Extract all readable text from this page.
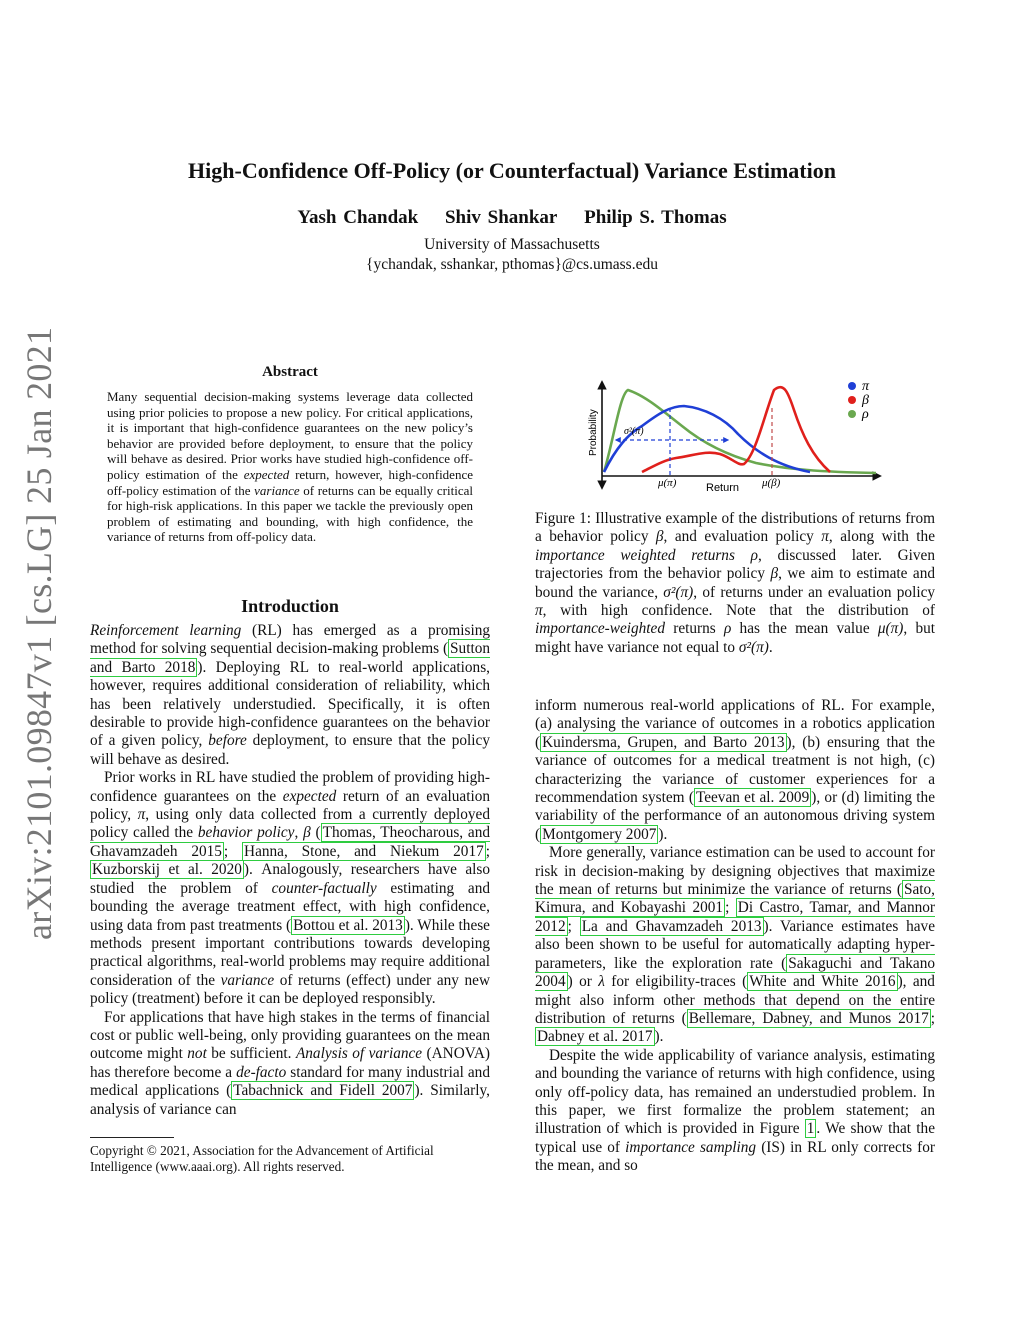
arXiv:2101.09847v1 [cs.LG] 25 Jan 2021
High-Confidence Off-Policy (or Counterfactual) Variance Estimation
Yash Chandak Shiv Shankar Philip S. Thomas
University of Massachusetts
{ychandak, sshankar, pthomas}@cs.umass.edu
Abstract
Many sequential decision-making systems leverage data collected using prior policies to propose a new policy. For critical applications, it is important that high-confidence guarantees on the new policy’s behavior are provided before deployment, to ensure that the policy will behave as desired. Prior works have studied high-confidence off-policy estimation of the expected return, however, high-confidence off-policy estimation of the variance of returns can be equally critical for high-risk applications. In this paper we tackle the previously open problem of estimating and bounding, with high confidence, the variance of returns from off-policy data.
Introduction

Reinforcement learning (RL) has emerged as a promising method for solving sequential decision-making problems ( Sutton and Barto 2018 ). Deploying RL to real-world applications, however, requires additional consideration of reliability, which has been relatively understudied. Specifically, it is often desirable to provide high-confidence guarantees on the behavior of a given policy, before deployment, to ensure that the policy will behave as desired.

Prior works in RL have studied the problem of providing high-confidence guarantees on the expected return of an evaluation policy, π, using only data collected from a currently deployed policy called the behavior policy, β ( Thomas, Theocharous, and Ghavamzadeh 2015 ; Hanna, Stone, and Niekum 2017 ; Kuzborskij et al. 2020 ). Analogously, researchers have also studied the problem of counter-factually estimating and bounding the average treatment effect, with high confidence, using data from past treatments ( Bottou et al. 2013 ). While these methods present important contributions towards developing practical algorithms, real-world problems may require additional consideration of the variance of returns (effect) under any new policy (treatment) before it can be deployed responsibly.

For applications that have high stakes in the terms of financial cost or public well-being, only providing guarantees on the mean outcome might not be sufficient. Analysis of variance (ANOVA) has therefore become a de-facto standard for many industrial and medical applications ( Tabachnick and Fidell 2007 ). Similarly, analysis of variance can

Copyright © 2021, Association for the Advancement of Artificial Intelligence (www.aaai.org). All rights reserved.
Probability
Return
σ²(π)
μ(π)	μ(β)
π
β
ρ
Figure 1: Illustrative example of the distributions of returns from a behavior policy β, and evaluation policy π, along with the importance weighted returns ρ, discussed later. Given trajectories from the behavior policy β, we aim to estimate and bound the variance, σ²(π), of returns under an evaluation policy π, with high confidence. Note that the distribution of importance-weighted returns ρ has the mean value μ(π), but might have variance not equal to σ²(π).

inform numerous real-world applications of RL. For example, (a) analysing the variance of outcomes in a robotics application ( Kuindersma, Grupen, and Barto 2013 ), (b) ensuring that the variance of outcomes for a medical treatment is not high, (c) characterizing the variance of customer experiences for a recommendation system ( Teevan et al. 2009 ), or (d) limiting the variability of the performance of an autonomous driving system ( Montgomery 2007 ).

More generally, variance estimation can be used to account for risk in decision-making by designing objectives that maximize the mean of returns but minimize the variance of returns ( Sato, Kimura, and Kobayashi 2001 ; Di Castro, Tamar, and Mannor 2012 ; La and Ghavamzadeh 2013 ). Variance estimates have also been shown to be useful for automatically adapting hyper-parameters, like the exploration rate ( Sakaguchi and Takano 2004 ) or λ for eligibility-traces ( White and White 2016 ), and might also inform other methods that depend on the entire distribution of returns ( Bellemare, Dabney, and Munos 2017 ; Dabney et al. 2017 ).

Despite the wide applicability of variance analysis, estimating and bounding the variance of returns with high confidence, using only off-policy data, has remained an understudied problem. In this paper, we first formalize the problem statement; an illustration of which is provided in Figure 1 . We show that the typical use of importance sampling (IS) in RL only corrects for the mean, and so
